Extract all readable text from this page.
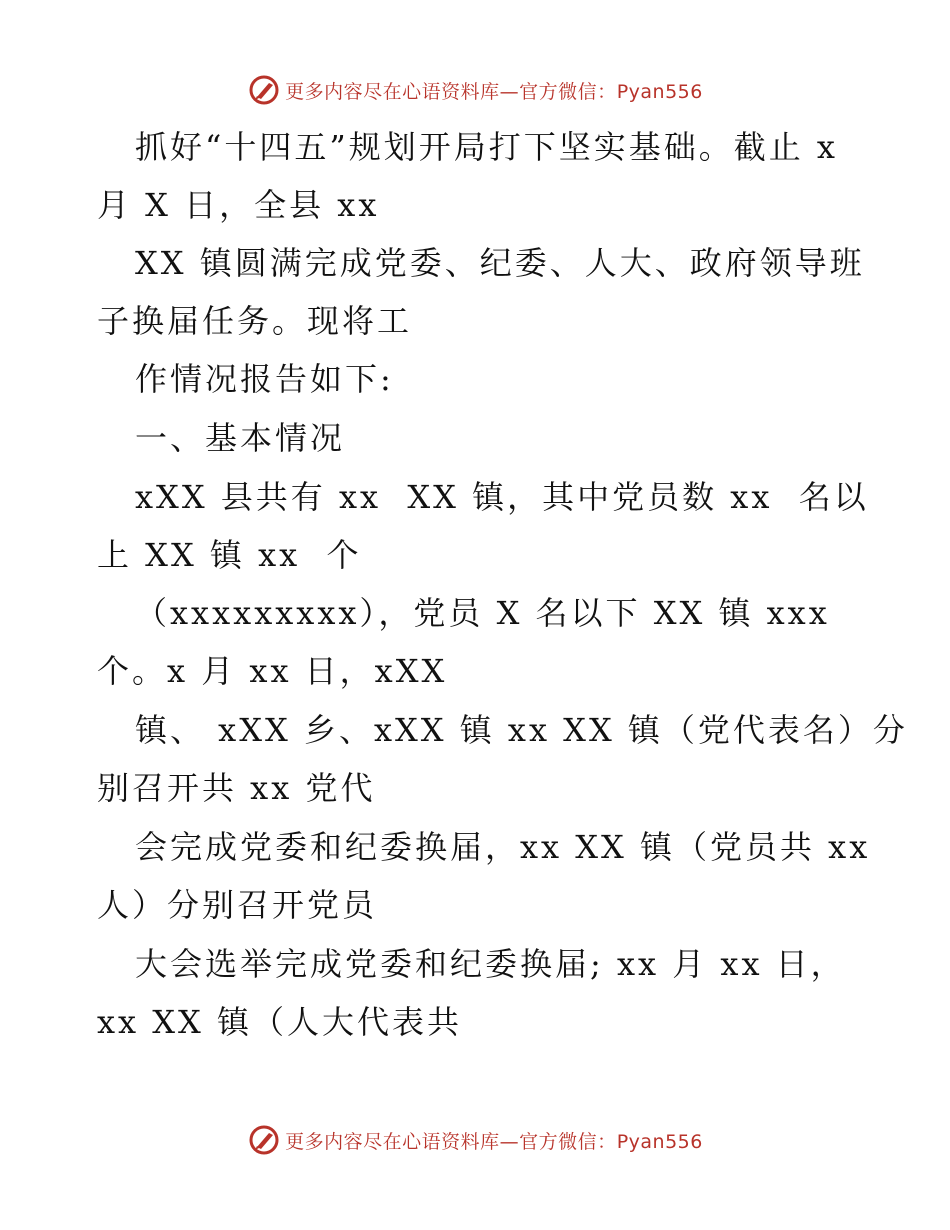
更多内容尽在心语资料库—官方微信：Pyan556
抓好“十四五”规划开局打下坚实基础。截止 x
月 X 日，全县 xx
XX 镇圆满完成党委、纪委、人大、政府领导班
子换届任务。现将工
作情况报告如下:
一、基本情况
xXX 县共有 xx  XX 镇，其中党员数 xx  名以
上 XX 镇 xx  个
（xxxxxxxxx），党员 X 名以下 XX 镇 xxx
个。x 月 xx 日，xXX
镇、 xXX 乡、xXX 镇 xx XX 镇（党代表名）分
别召开共 xx 党代
会完成党委和纪委换届，xx XX 镇（党员共 xx
人）分别召开党员
大会选举完成党委和纪委换届; xx 月 xx 日，
xx XX 镇（人大代表共
更多内容尽在心语资料库—官方微信：Pyan556
